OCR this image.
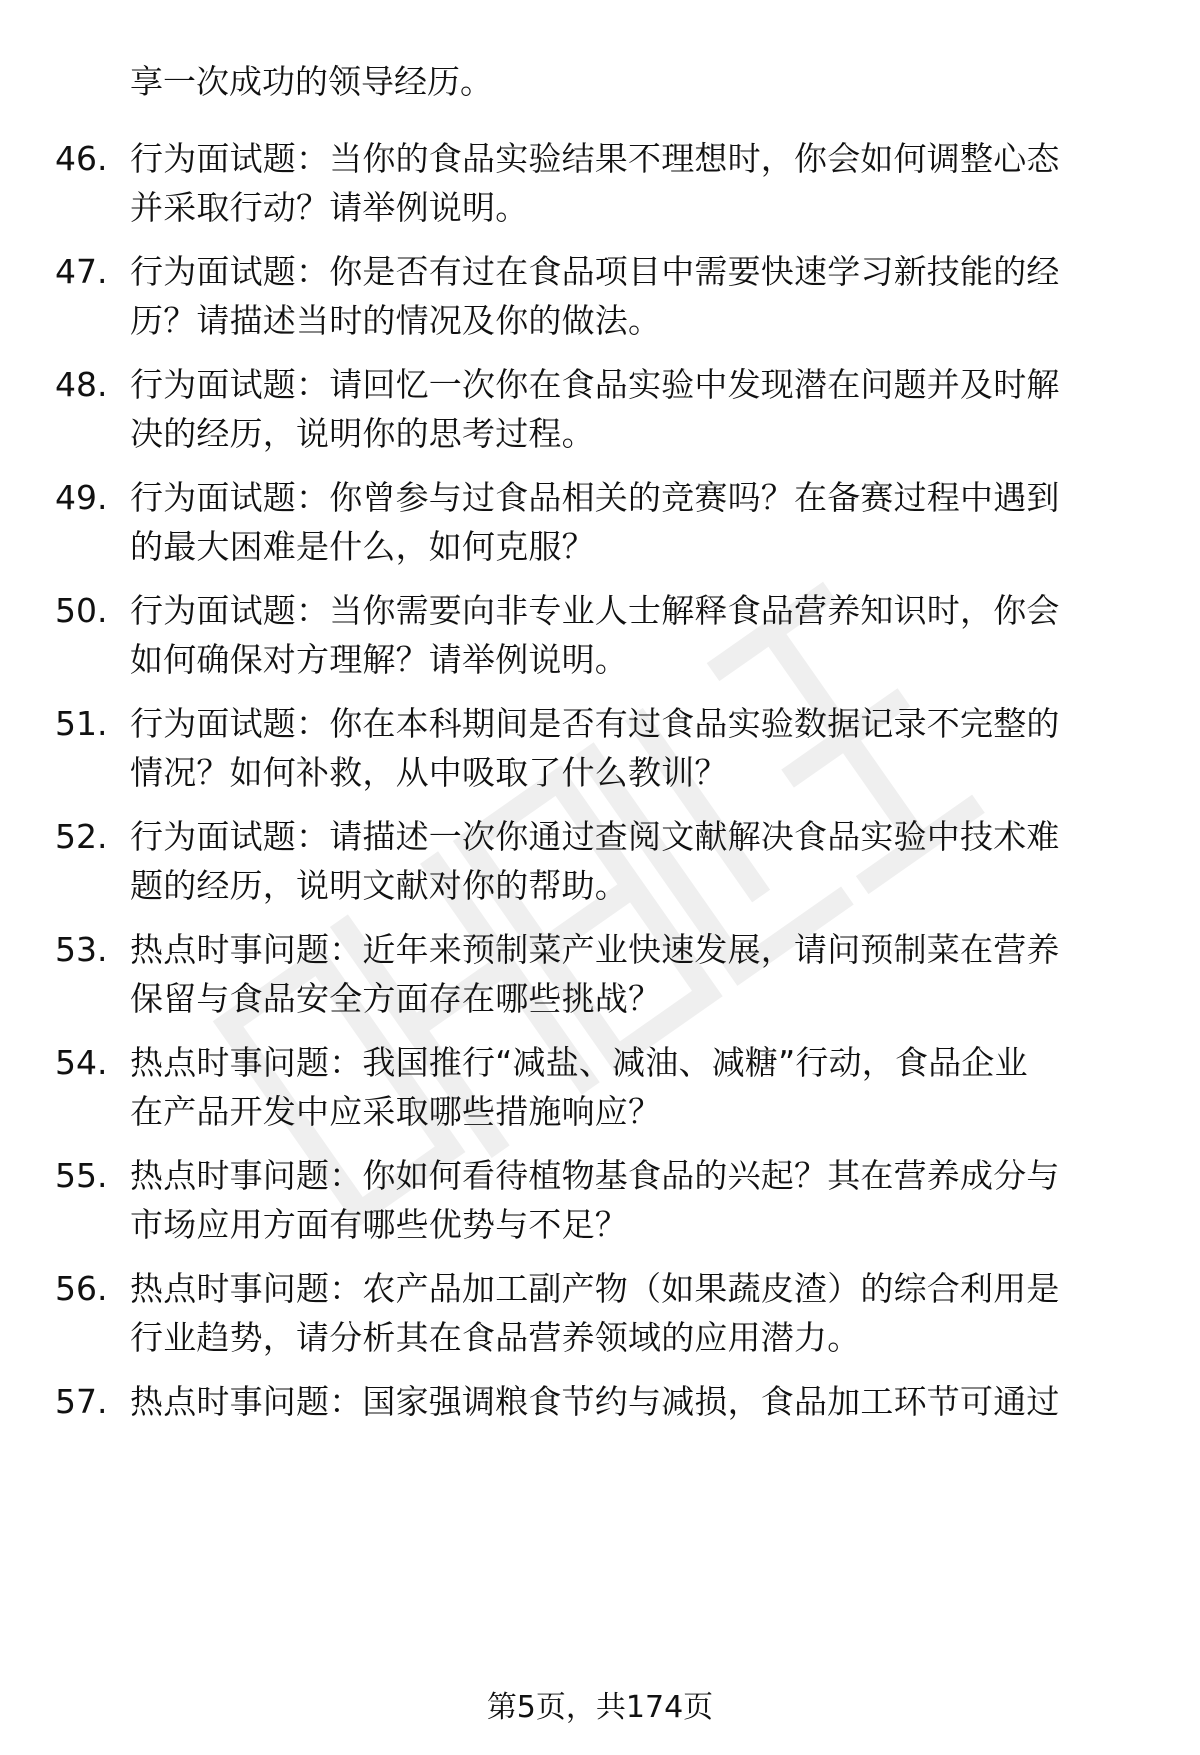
享一次成功的领导经历。
46. 行为面试题：当你的食品实验结果不理想时，你会如何调整心态
并采取行动？请举例说明。
47. 行为面试题：你是否有过在食品项目中需要快速学习新技能的经
历？请描述当时的情况及你的做法。
48. 行为面试题：请回忆一次你在食品实验中发现潜在问题并及时解
决的经历，说明你的思考过程。
49. 行为面试题：你曾参与过食品相关的竞赛吗？在备赛过程中遇到
的最大困难是什么，如何克服？
50. 行为面试题：当你需要向非专业人士解释食品营养知识时，你会
如何确保对方理解？请举例说明。
51. 行为面试题：你在本科期间是否有过食品实验数据记录不完整的
情况？如何补救，从中吸取了什么教训？
52. 行为面试题：请描述一次你通过查阅文献解决食品实验中技术难
题的经历，说明文献对你的帮助。
53. 热点时事问题：近年来预制菜产业快速发展，请问预制菜在营养
保留与食品安全方面存在哪些挑战？
54. 热点时事问题：我国推行“减盐、减油、减糖”行动，食品企业
在产品开发中应采取哪些措施响应？
55. 热点时事问题：你如何看待植物基食品的兴起？其在营养成分与
市场应用方面有哪些优势与不足？
56. 热点时事问题：农产品加工副产物（如果蔬皮渣）的综合利用是
行业趋势，请分析其在食品营养领域的应用潜力。
57. 热点时事问题：国家强调粮食节约与减损，食品加工环节可通过
第5页，共174页
